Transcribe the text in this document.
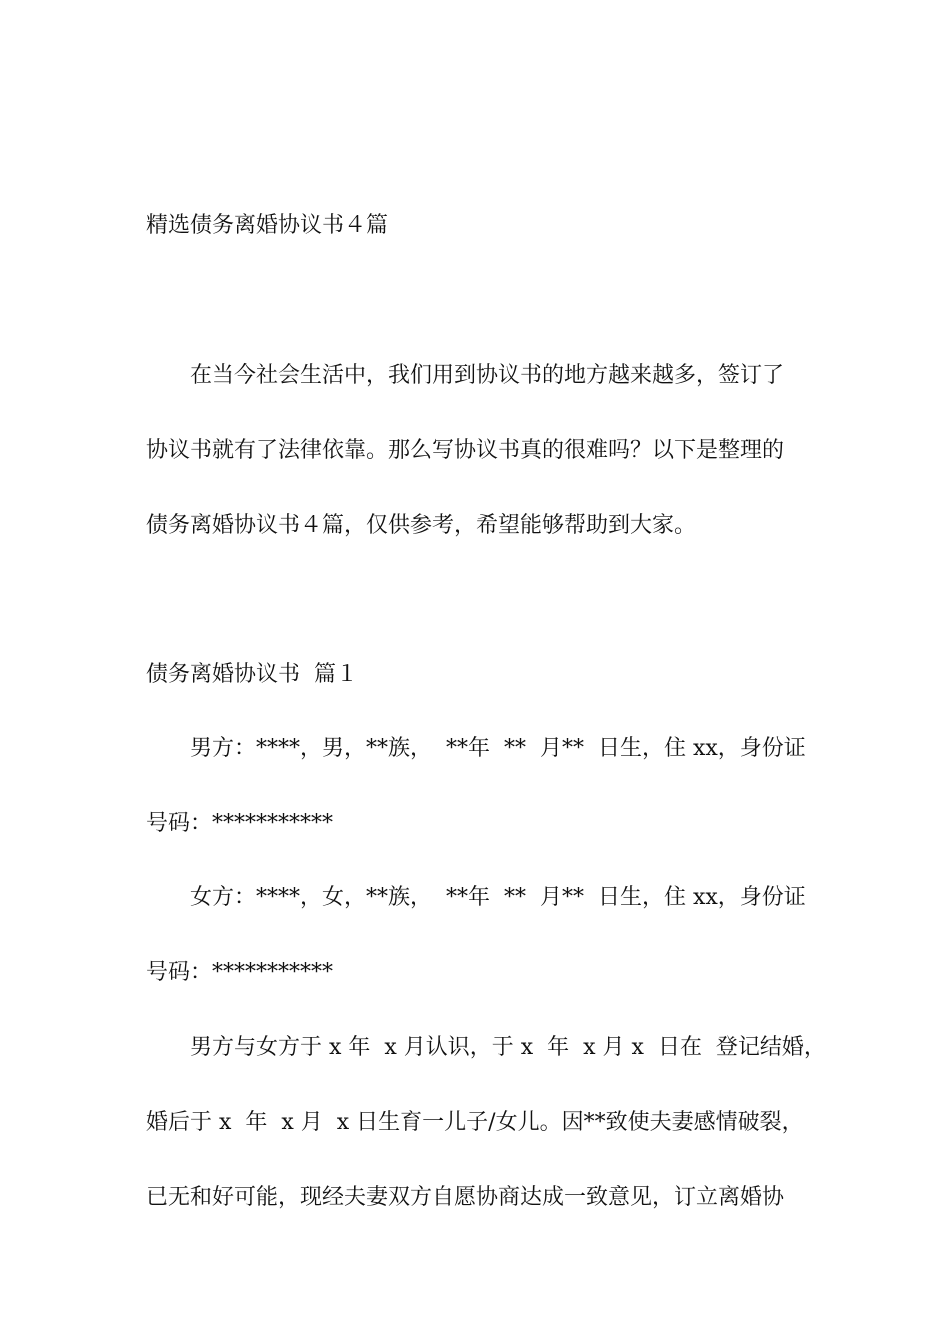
精选债务离婚协议书４篇
在当今社会生活中，我们用到协议书的地方越来越多，签订了
协议书就有了法律依靠。那么写协议书真的很难吗？以下是整理的
债务离婚协议书４篇，仅供参考，希望能够帮助到大家。
债务离婚协议书  篇１
男方：****，男，**族，  **年  **  月**  日生，住 xx，身份证
号码：***********
女方：****，女，**族，  **年  **  月**  日生，住 xx，身份证
号码：***********
男方与女方于 x 年  x 月认识，于 x  年  x 月 x  日在  登记结婚，
婚后于 x  年  x 月  x 日生育一儿子/女儿。因**致使夫妻感情破裂，
已无和好可能，现经夫妻双方自愿协商达成一致意见，订立离婚协
